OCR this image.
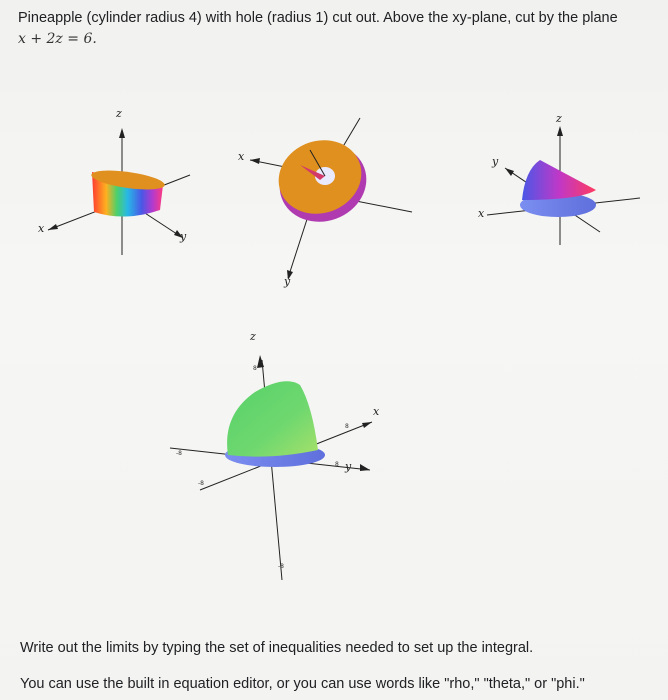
Pineapple (cylinder radius 4) with hole (radius 1) cut out. Above the xy-plane, cut by the plane
x + 2z = 6.
z
x
y
x
y
z
x
y
z
x
y
8
-8
8
-8
8
-8
Write out the limits by typing the set of inequalities needed to set up the integral.
You can use the built in equation editor, or you can use words like "rho," "theta," or "phi."
